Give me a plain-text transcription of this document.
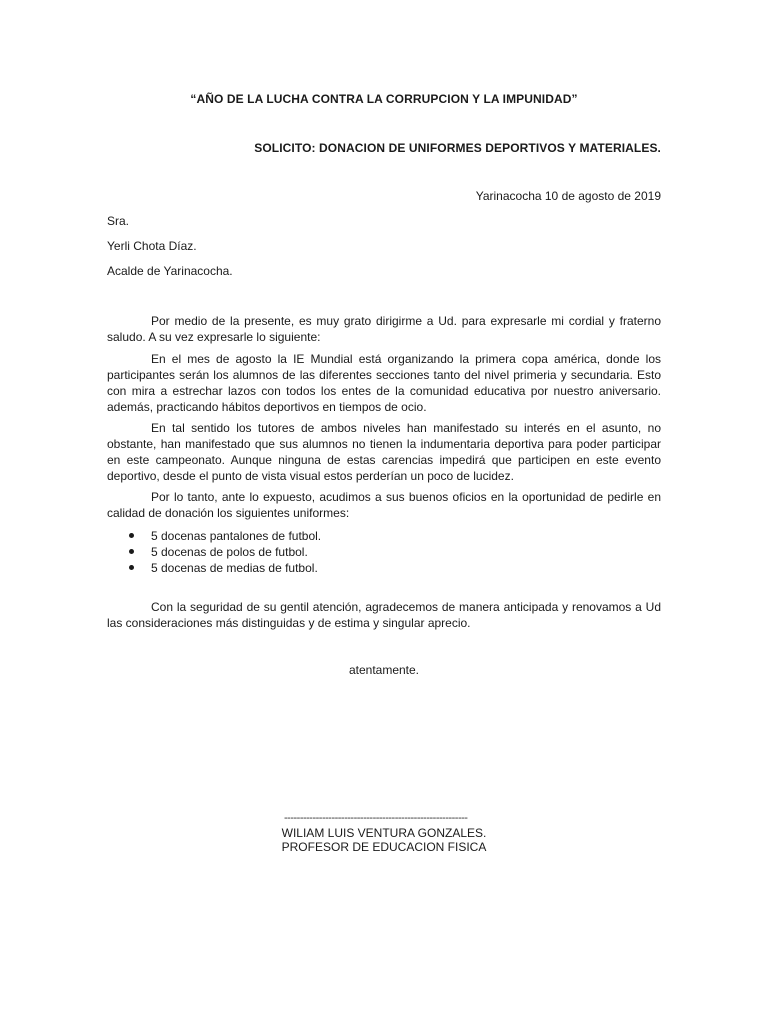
“AÑO DE LA LUCHA CONTRA LA CORRUPCION Y LA IMPUNIDAD”
SOLICITO: DONACION DE UNIFORMES DEPORTIVOS Y MATERIALES.
Yarinacocha 10 de agosto de 2019
Sra.
Yerli Chota Díaz.
Acalde de Yarinacocha.

Por medio de la presente, es muy grato dirigirme a Ud. para expresarle mi cordial y fraterno saludo. A su vez expresarle lo siguiente:

En el mes de agosto la IE Mundial está organizando la primera copa américa, donde los participantes serán los alumnos de las diferentes secciones tanto del nivel primeria y secundaria. Esto con mira a estrechar lazos con todos los entes de la comunidad educativa por nuestro aniversario. además, practicando hábitos deportivos en tiempos de ocio.

En tal sentido los tutores de ambos niveles han manifestado su interés en el asunto, no obstante, han manifestado que sus alumnos no tienen la indumentaria deportiva para poder participar en este campeonato. Aunque ninguna de estas carencias impedirá que participen en este evento deportivo, desde el punto de vista visual estos perderían un poco de lucidez.

Por lo tanto, ante lo expuesto, acudimos a sus buenos oficios en la oportunidad de pedirle en calidad de donación los siguientes uniformes:

5 docenas pantalones de futbol.
5 docenas de polos de futbol.
5 docenas de medias de futbol.

Con la seguridad de su gentil atención, agradecemos de manera anticipada y renovamos a Ud las consideraciones más distinguidas y de estima y singular aprecio.

atentamente.
----------------------------------------------------------
WILIAM LUIS VENTURA GONZALES.
PROFESOR DE EDUCACION FISICA
